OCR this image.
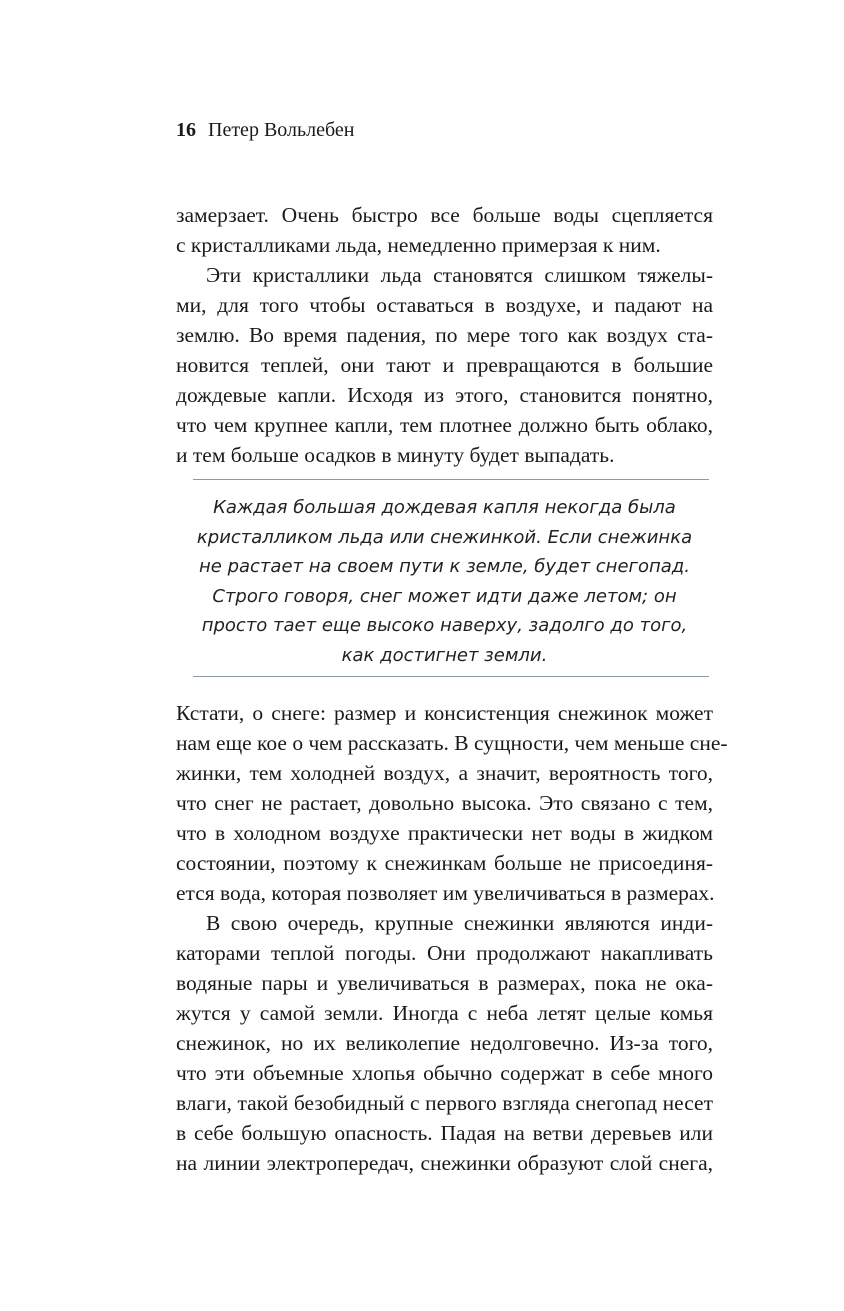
16 Петер Вольлебен
замерзает. Очень быстро все больше воды сцепляется
с кристалликами льда, немедленно примерзая к ним.
Эти кристаллики льда становятся слишком тяжелы-
ми, для того чтобы оставаться в воздухе, и падают на
землю. Во время падения, по мере того как воздух ста-
новится теплей, они тают и превращаются в большие
дождевые капли. Исходя из этого, становится понятно,
что чем крупнее капли, тем плотнее должно быть облако,
и тем больше осадков в минуту будет выпадать.
Каждая большая дождевая капля некогда была
кристалликом льда или снежинкой. Если снежинка
не растает на своем пути к земле, будет снегопад.
Строго говоря, снег может идти даже летом; он
просто тает еще высоко наверху, задолго до того,
как достигнет земли.
Кстати, о снеге: размер и консистенция снежинок может
нам еще кое о чем рассказать. В сущности, чем меньше сне-
жинки, тем холодней воздух, а значит, вероятность того,
что снег не растает, довольно высока. Это связано с тем,
что в холодном воздухе практически нет воды в жидком
состоянии, поэтому к снежинкам больше не присоединя-
ется вода, которая позволяет им увеличиваться в размерах.
В свою очередь, крупные снежинки являются инди-
каторами теплой погоды. Они продолжают накапливать
водяные пары и увеличиваться в размерах, пока не ока-
жутся у самой земли. Иногда с неба летят целые комья
снежинок, но их великолепие недолговечно. Из-за того,
что эти объемные хлопья обычно содержат в себе много
влаги, такой безобидный с первого взгляда снегопад несет
в себе большую опасность. Падая на ветви деревьев или
на линии электропередач, снежинки образуют слой снега,
